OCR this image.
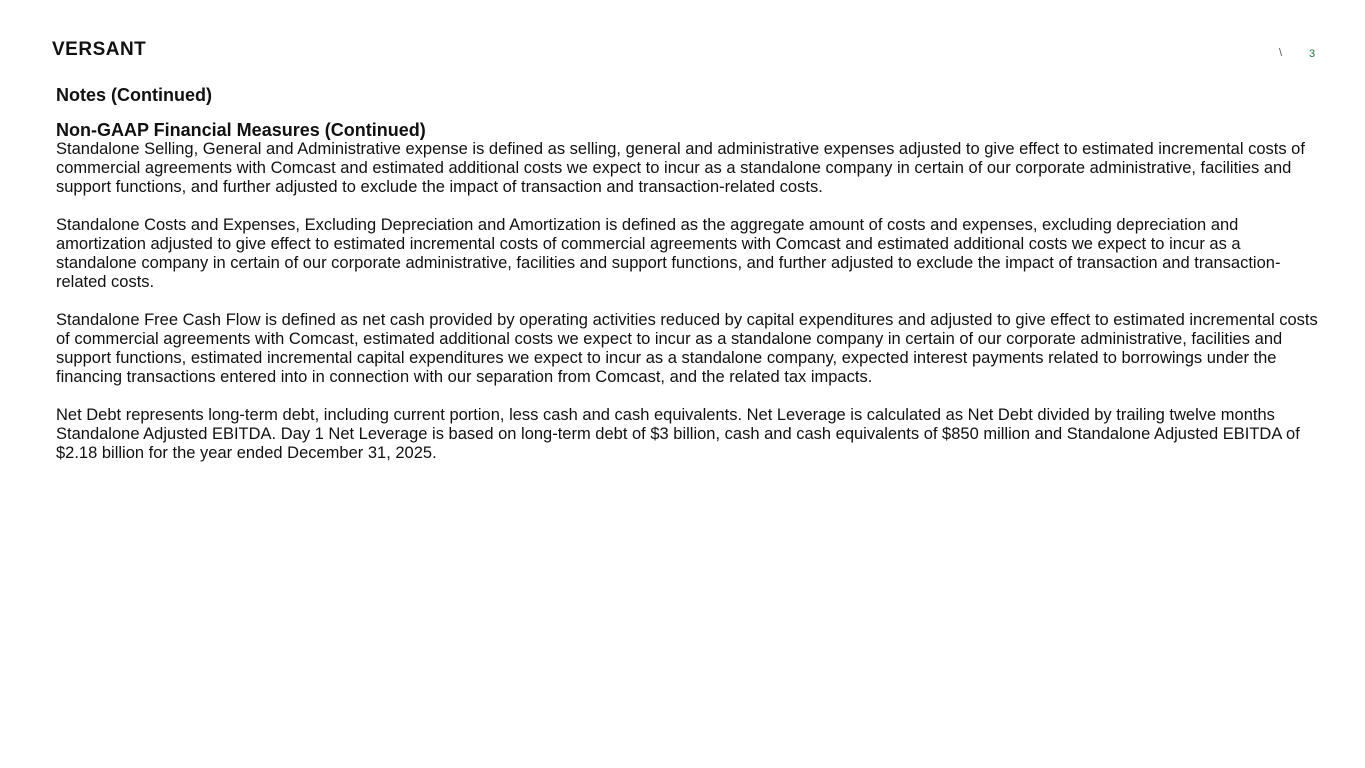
VERSANT	\ 3
Notes (Continued)
Non-GAAP Financial Measures (Continued)

Standalone Selling, General and Administrative expense is defined as selling, general and administrative expenses adjusted to give effect to estimated incremental costs of commercial agreements with Comcast and estimated additional costs we expect to incur as a standalone company in certain of our corporate administrative, facilities and support functions, and further adjusted to exclude the impact of transaction and transaction-related costs.

Standalone Costs and Expenses, Excluding Depreciation and Amortization is defined as the aggregate amount of costs and expenses, excluding depreciation and amortization adjusted to give effect to estimated incremental costs of commercial agreements with Comcast and estimated additional costs we expect to incur as a standalone company in certain of our corporate administrative, facilities and support functions, and further adjusted to exclude the impact of transaction and transaction-related costs.

Standalone Free Cash Flow is defined as net cash provided by operating activities reduced by capital expenditures and adjusted to give effect to estimated incremental costs of commercial agreements with Comcast, estimated additional costs we expect to incur as a standalone company in certain of our corporate administrative, facilities and support functions, estimated incremental capital expenditures we expect to incur as a standalone company, expected interest payments related to borrowings under the financing transactions entered into in connection with our separation from Comcast, and the related tax impacts.

Net Debt represents long-term debt, including current portion, less cash and cash equivalents. Net Leverage is calculated as Net Debt divided by trailing twelve months Standalone Adjusted EBITDA. Day 1 Net Leverage is based on long-term debt of $3 billion, cash and cash equivalents of $850 million and Standalone Adjusted EBITDA of $2.18 billion for the year ended December 31, 2025.
